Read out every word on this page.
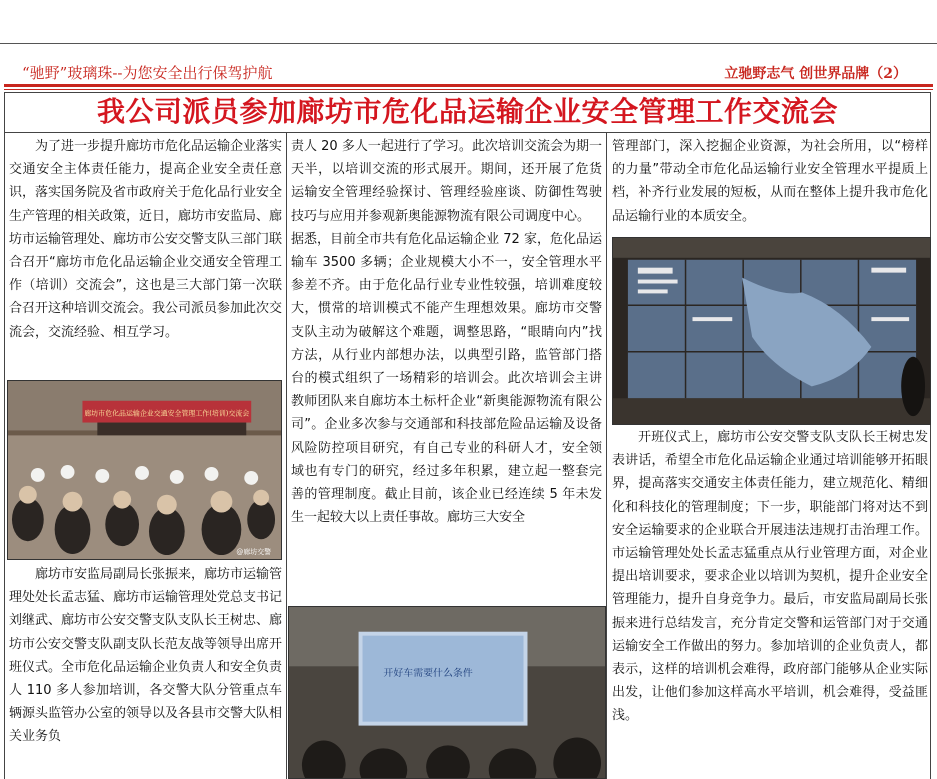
“驰野”玻璃珠--为您安全出行保驾护航	立驰野志气 创世界品牌（2）
我公司派员参加廊坊市危化品运输企业安全管理工作交流会

为了进一步提升廊坊市危化品运输企业落实交通安全主体责任能力，提高企业安全责任意识，落实国务院及省市政府关于危化品行业安全生产管理的相关政策，近日，廊坊市安监局、廊坊市运输管理处、廊坊市公安交警支队三部门联合召开“廊坊市危化品运输企业交通安全管理工作（培训）交流会”，这也是三大部门第一次联合召开这种培训交流会。我公司派员参加此次交流会，交流经验、相互学习。

廊坊市危化品运输企业交通安全管理工作(培训)交流会
@廊坊交警

廊坊市安监局副局长张振来，廊坊市运输管理处处长孟志猛、廊坊市运输管理处党总支书记刘继武、廊坊市公安交警支队支队长王树忠、廊坊市公安交警支队副支队长范友战等领导出席开班仪式。全市危化品运输企业负责人和安全负责人 110 多人参加培训，各交警大队分管重点车辆源头监管办公室的领导以及各县市交警大队相关业务负

责人 20 多人一起进行了学习。此次培训交流会为期一天半，以培训交流的形式展开。期间，还开展了危货运输安全管理经验探讨、管理经验座谈、防御性驾驶技巧与应用并参观新奥能源物流有限公司调度中心。

据悉，目前全市共有危化品运输企业 72 家，危化品运输车 3500 多辆；企业规模大小不一，安全管理水平参差不齐。由于危化品行业专业性较强，培训难度较大，惯常的培训模式不能产生理想效果。廊坊市交警支队主动为破解这个难题，调整思路，“眼睛向内”找方法，从行业内部想办法，以典型引路，监管部门搭台的模式组织了一场精彩的培训会。此次培训会主讲教师团队来自廊坊本土标杆企业“新奥能源物流有限公司”。企业多次参与交通部和科技部危险品运输及设备风险防控项目研究，有自己专业的科研人才，安全领域也有专门的研究，经过多年积累，建立起一整套完善的管理制度。截止目前，该企业已经连续 5 年未发生一起较大以上责任事故。廊坊三大安全

开好车需要什么条件

管理部门，深入挖掘企业资源，为社会所用，以“榜样的力量”带动全市危化品运输行业安全管理水平提质上档，补齐行业发展的短板，从而在整体上提升我市危化品运输行业的本质安全。

开班仪式上，廊坊市公安交警支队支队长王树忠发表讲话，希望全市危化品运输企业通过培训能够开拓眼界，提高落实交通安主体责任能力，建立规范化、精细化和科技化的管理制度；下一步，职能部门将对达不到安全运输要求的企业联合开展违法违规打击治理工作。市运输管理处处长孟志猛重点从行业管理方面，对企业提出培训要求，要求企业以培训为契机，提升企业安全管理能力，提升自身竞争力。最后，市安监局副局长张振来进行总结发言，充分肯定交警和运管部门对于交通运输安全工作做出的努力。参加培训的企业负责人，都表示，这样的培训机会难得，政府部门能够从企业实际出发，让他们参加这样高水平培训，机会难得，受益匪浅。
